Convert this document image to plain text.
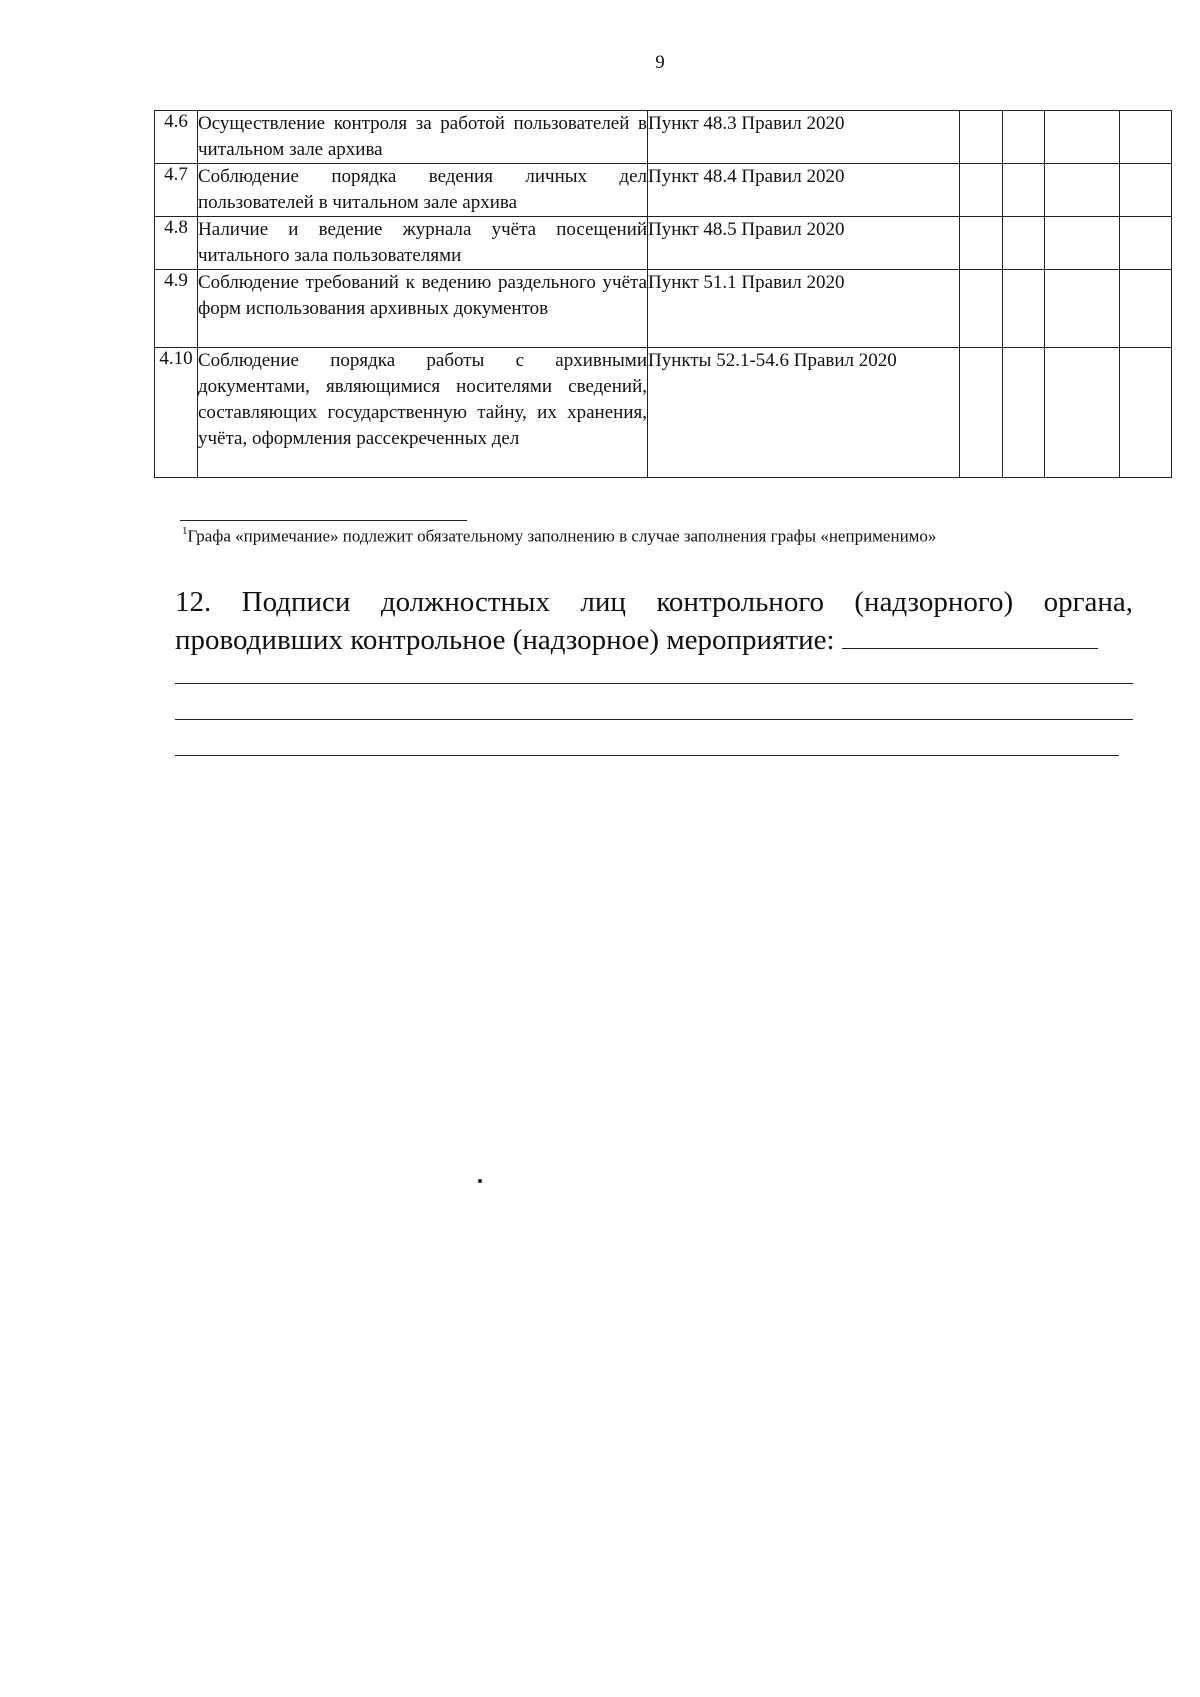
9
4.6	Осуществление контроля за работой пользователей в читальном зале архива	Пункт 48.3 Правил 2020				
4.7	Соблюдение порядка ведения личных дел пользователей в читальном зале архива	Пункт 48.4 Правил 2020				
4.8	Наличие и ведение журнала учёта посещений читального зала пользователями	Пункт 48.5 Правил 2020				
4.9	Соблюдение требований к ведению раздельного учёта форм использования архивных документов	Пункт 51.1 Правил 2020				
4.10	Соблюдение порядка работы с архивными документами, являющимися носителями сведений, составляющих государственную тайну, их хранения, учёта, оформления рассекреченных дел	Пункты 52.1-54.6 Правил 2020				
$^1$Графа «примечание» подлежит обязательному заполнению в случае заполнения графы «неприменимо»
12. Подписи должностных лиц контрольного (надзорного) органа, проводивших контрольное (надзорное) мероприятие:
